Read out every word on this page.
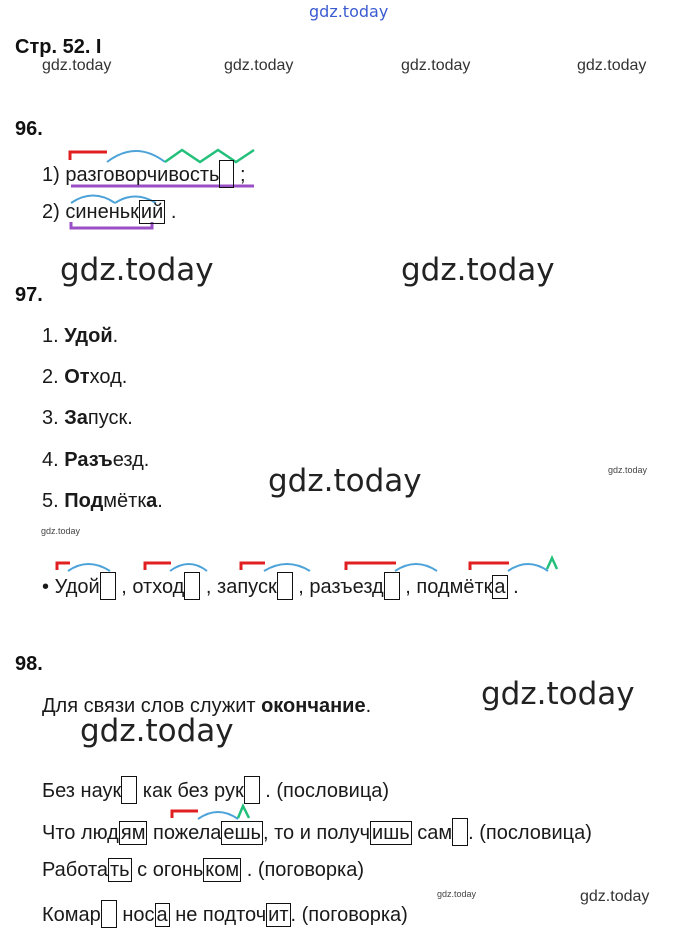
gdz.today
gdz.today	gdz.today	gdz.today	gdz.today
gdz.today	gdz.today
gdz.today
gdz.today
gdz.today
gdz.today
gdz.today
gdz.today	gdz.today
Стр. 52. I
96.
1) разговорчивость ;
2) синеньк ий .
97.
1. Удой.
2. Отход.
3. Запуск.
4. Разъезд.
5. Подмётка.
• Удой , отход , запуск , разъезд , подмётк а .
98.
Для связи слов служит окончание.
Без наук как без рук . (пословица)
Что люд ям пожела ешь , то и получ ишь сам . (пословица)
Работа ть с огонь ком . (поговорка)
Комар нос а не подточ ит . (поговорка)
